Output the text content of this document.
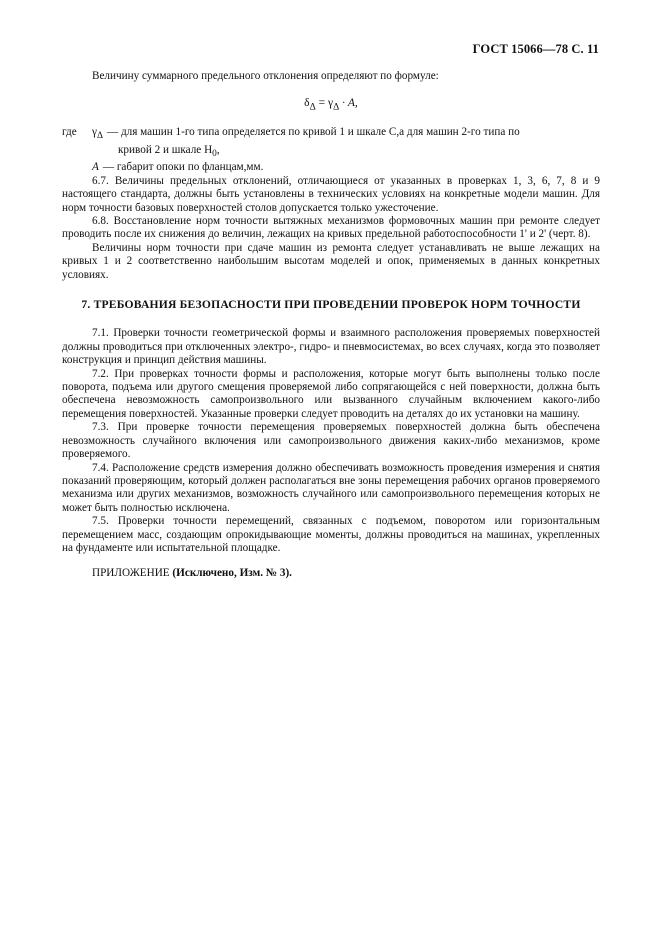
ГОСТ 15066—78 С. 11

Величину суммарного предельного отклонения определяют по формуле:

$\delta_\Delta = \gamma_\Delta \cdot A$,
где	$\gamma_\Delta$ — для машин 1-го типа определяется по кривой 1 и шкале C,а для машин 2-го типа по
кривой 2 и шкале $H_0$,
A — габарит опоки по фланцам,мм.

6.7. Величины предельных отклонений, отличающиеся от указанных в проверках 1, 3, 6, 7, 8 и 9 настоящего стандарта, должны быть установлены в технических условиях на конкретные модели машин. Для норм точности базовых поверхностей столов допускается только ужесточение.

6.8. Восстановление норм точности вытяжных механизмов формовочных машин при ремонте следует проводить после их снижения до величин, лежащих на кривых предельной работоспособности 1' и 2' (черт. 8).

Величины норм точности при сдаче машин из ремонта следует устанавливать не выше лежащих на кривых 1 и 2 соответственно наибольшим высотам моделей и опок, применяемых в данных конкретных условиях.

7. ТРЕБОВАНИЯ БЕЗОПАСНОСТИ ПРИ ПРОВЕДЕНИИ ПРОВЕРОК НОРМ ТОЧНОСТИ

7.1. Проверки точности геометрической формы и взаимного расположения проверяемых поверхностей должны проводиться при отключенных электро-, гидро- и пневмосистемах, во всех случаях, когда это позволяет конструкция и принцип действия машины.

7.2. При проверках точности формы и расположения, которые могут быть выполнены только после поворота, подъема или другого смещения проверяемой либо сопрягающейся с ней поверхности, должна быть обеспечена невозможность самопроизвольного или вызванного случайным включением какого-либо перемещения поверхностей. Указанные проверки следует проводить на деталях до их установки на машину.

7.3. При проверке точности перемещения проверяемых поверхностей должна быть обеспечена невозможность случайного включения или самопроизвольного движения каких-либо механизмов, кроме проверяемого.

7.4. Расположение средств измерения должно обеспечивать возможность проведения измерения и снятия показаний проверяющим, который должен располагаться вне зоны перемещения рабочих органов проверяемого механизма или других механизмов, возможность случайного или самопроизвольного перемещения которых не может быть полностью исключена.

7.5. Проверки точности перемещений, связанных с подъемом, поворотом или горизонтальным перемещением масс, создающим опрокидывающие моменты, должны проводиться на машинах, укрепленных на фундаменте или испытательной площадке.

ПРИЛОЖЕНИЕ (Исключено, Изм. № 3).
